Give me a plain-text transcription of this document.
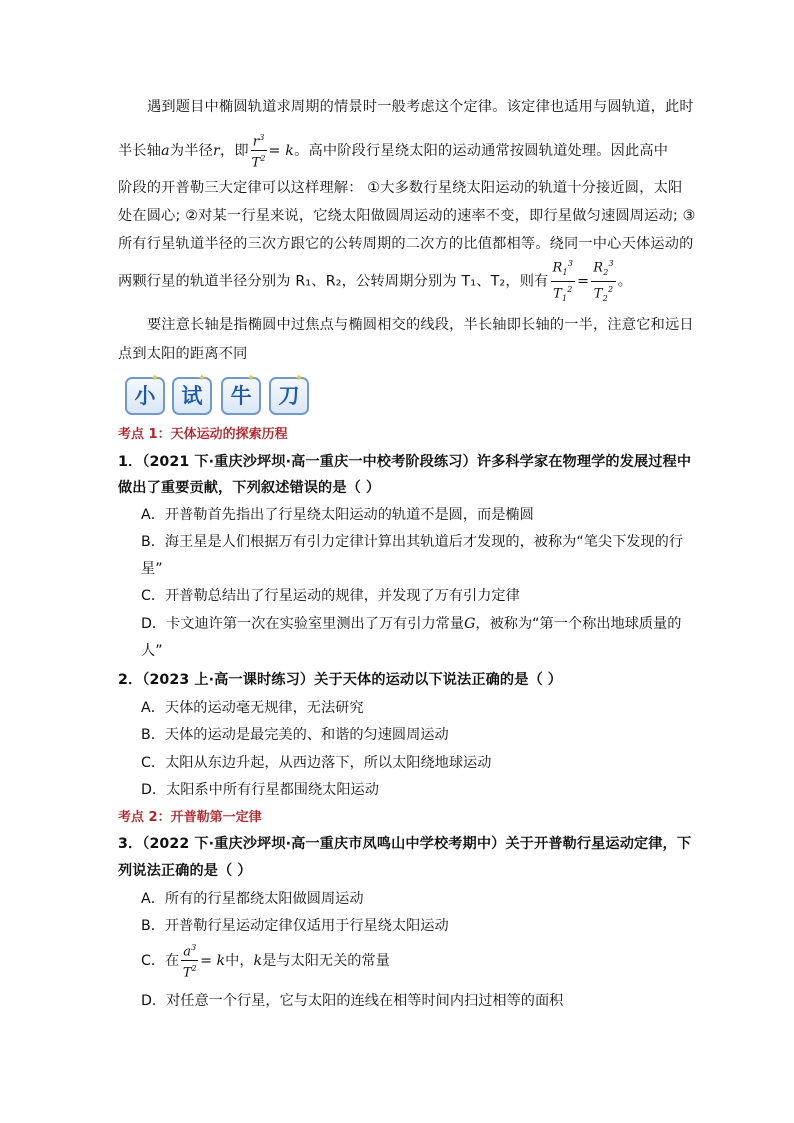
遇到题目中椭圆轨道求周期的情景时一般考虑这个定律。该定律也适用与圆轨道，此时
半长轴a为半径r，即 $\frac{r^3}{T^2} = k$。高中阶段行星绕太阳的运动通常按圆轨道处理。因此高中
阶段的开普勒三大定律可以这样理解： ①大多数行星绕太阳运动的轨道十分接近圆，太阳
处在圆心; ②对某一行星来说，它绕太阳做圆周运动的速率不变，即行星做匀速圆周运动; ③
所有行星轨道半径的三次方跟它的公转周期的二次方的比值都相等。绕同一中心天体运动的
两颗行星的轨道半径分别为 R₁、R₂，公转周期分别为 T₁、T₂，则有 $\frac{R_1^3}{T_1^2} = \frac{R_2^3}{T_2^2}$ 。
要注意长轴是指椭圆中过焦点与椭圆相交的线段，半长轴即长轴的一半，注意它和远日
点到太阳的距离不同
✦
小
✦
试
✦
牛
✦
刀
考点 1：天体运动的探索历程
1．（2021 下·重庆沙坪坝·高一重庆一中校考阶段练习）许多科学家在物理学的发展过程中
做出了重要贡献，下列叙述错误的是（ ）
A．开普勒首先指出了行星绕太阳运动的轨道不是圆，而是椭圆
B．海王星是人们根据万有引力定律计算出其轨道后才发现的，被称为“笔尖下发现的行
星”
C．开普勒总结出了行星运动的规律，并发现了万有引力定律
D．卡文迪许第一次在实验室里测出了万有引力常量G，被称为“第一个称出地球质量的
人”
2．（2023 上·高一课时练习）关于天体的运动以下说法正确的是（ ）
A．天体的运动毫无规律，无法研究
B．天体的运动是最完美的、和谐的匀速圆周运动
C．太阳从东边升起，从西边落下，所以太阳绕地球运动
D．太阳系中所有行星都围绕太阳运动
考点 2：开普勒第一定律
3．（2022 下·重庆沙坪坝·高一重庆市凤鸣山中学校考期中）关于开普勒行星运动定律，下
列说法正确的是（ ）
A．所有的行星都绕太阳做圆周运动
B．开普勒行星运动定律仅适用于行星绕太阳运动
C．在 $\frac{a^3}{T^2} = k$中，k是与太阳无关的常量
D．对任意一个行星，它与太阳的连线在相等时间内扫过相等的面积
